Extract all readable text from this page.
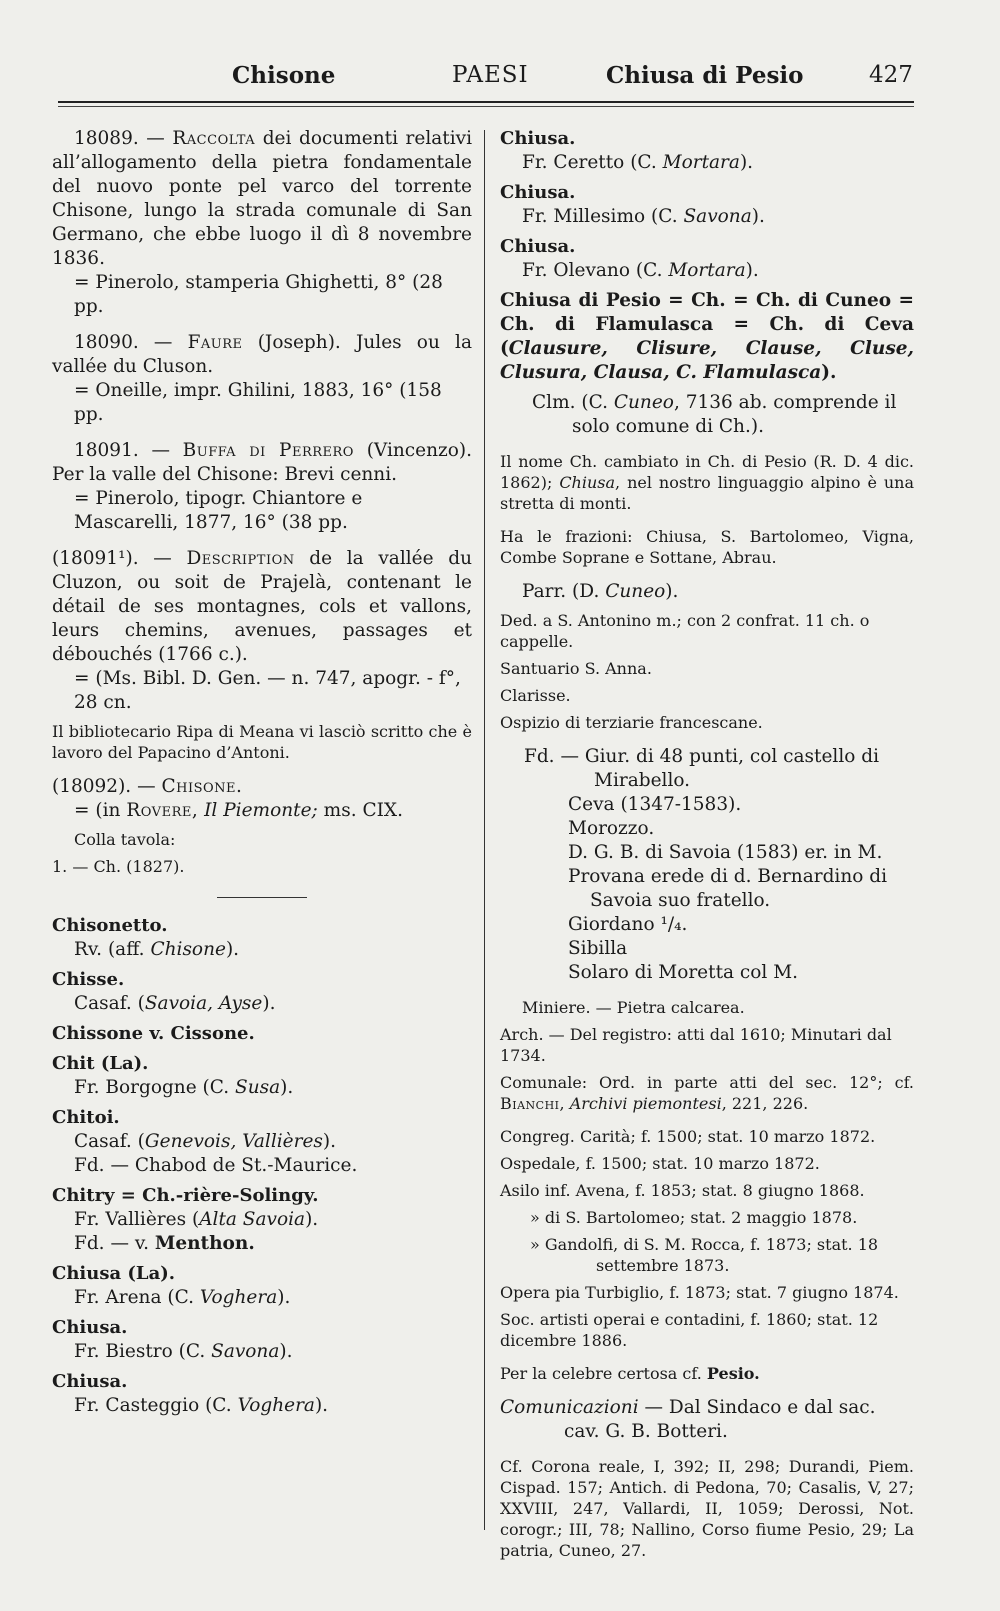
Chisone	PAESI	Chiusa di Pesio	427
18089. — Raccolta dei documenti relativi all’allogamento della pietra fondamentale del nuovo ponte pel varco del torrente Chisone, lungo la strada comunale di San Germano, che ebbe luogo il dì 8 novembre 1836.
= Pinerolo, stamperia Ghighetti, 8° (28 pp.
18090. — Faure (Joseph). Jules ou la vallée du Cluson.
= Oneille, impr. Ghilini, 1883, 16° (158 pp.
18091. — Buffa di Perrero (Vincenzo). Per la valle del Chisone: Brevi cenni.
= Pinerolo, tipogr. Chiantore e Mascarelli, 1877, 16° (38 pp.
(18091¹). — Description de la vallée du Cluzon, ou soit de Prajelà, contenant le détail de ses montagnes, cols et vallons, leurs chemins, avenues, passages et débouchés (1766 c.).
= (Ms. Bibl. D. Gen. — n. 747, apogr. - f°, 28 cn.
Il bibliotecario Ripa di Meana vi lasciò scritto che è lavoro del Papacino d’Antoni.
(18092). — Chisone.
= (in Rovere, Il Piemonte; ms. CIX.
Colla tavola:
1. — Ch. (1827).
Chisonetto.
Rv. (aff. Chisone).
Chisse.
Casaf. (Savoia, Ayse).
Chissone v. Cissone.
Chit (La).
Fr. Borgogne (C. Susa).
Chitoi.
Casaf. (Genevois, Vallières).
Fd. — Chabod de St.-Maurice.
Chitry = Ch.-rière-Solingy.
Fr. Vallières (Alta Savoia).
Fd. — v. Menthon.
Chiusa (La).
Fr. Arena (C. Voghera).
Chiusa.
Fr. Biestro (C. Savona).
Chiusa.
Fr. Casteggio (C. Voghera).
Chiusa.
Fr. Ceretto (C. Mortara).
Chiusa.
Fr. Millesimo (C. Savona).
Chiusa.
Fr. Olevano (C. Mortara).
Chiusa di Pesio = Ch. = Ch. di Cuneo = Ch. di Flamulasca = Ch. di Ceva (Clausure, Clisure, Clause, Cluse, Clusura, Clausa, C. Flamulasca).
Clm. (C. Cuneo, 7136 ab. comprende il solo comune di Ch.).
Il nome Ch. cambiato in Ch. di Pesio (R. D. 4 dic. 1862); Chiusa, nel nostro linguaggio alpino è una stretta di monti.
Ha le frazioni: Chiusa, S. Bartolomeo, Vigna, Combe Soprane e Sottane, Abrau.
Parr. (D. Cuneo).
Ded. a S. Antonino m.; con 2 confrat. 11 ch. o cappelle.
Santuario S. Anna.
Clarisse.
Ospizio di terziarie francescane.
Fd. — Giur. di 48 punti, col castello di Mirabello.
Ceva (1347-1583).
Morozzo.
D. G. B. di Savoia (1583) er. in M.
Provana erede di d. Bernardino di Savoia suo fratello.
Giordano ¹/₄.
Sibilla
Solaro di Moretta col M.
Miniere. — Pietra calcarea.
Arch. — Del registro: atti dal 1610; Minutari dal 1734.
Comunale: Ord. in parte atti del sec. 12°; cf. Bianchi, Archivi piemontesi, 221, 226.
Congreg. Carità; f. 1500; stat. 10 marzo 1872.
Ospedale, f. 1500; stat. 10 marzo 1872.
Asilo inf. Avena, f. 1853; stat. 8 giugno 1868.
» di S. Bartolomeo; stat. 2 maggio 1878.
» Gandolfi, di S. M. Rocca, f. 1873; stat. 18 settembre 1873.
Opera pia Turbiglio, f. 1873; stat. 7 giugno 1874.
Soc. artisti operai e contadini, f. 1860; stat. 12 dicembre 1886.
Per la celebre certosa cf. Pesio.
Comunicazioni — Dal Sindaco e dal sac. cav. G. B. Botteri.
Cf. Corona reale, I, 392; II, 298; Durandi, Piem. Cispad. 157; Antich. di Pedona, 70; Casalis, V, 27; XXVIII, 247, Vallardi, II, 1059; Derossi, Not. corogr.; III, 78; Nallino, Corso fiume Pesio, 29; La patria, Cuneo, 27.
